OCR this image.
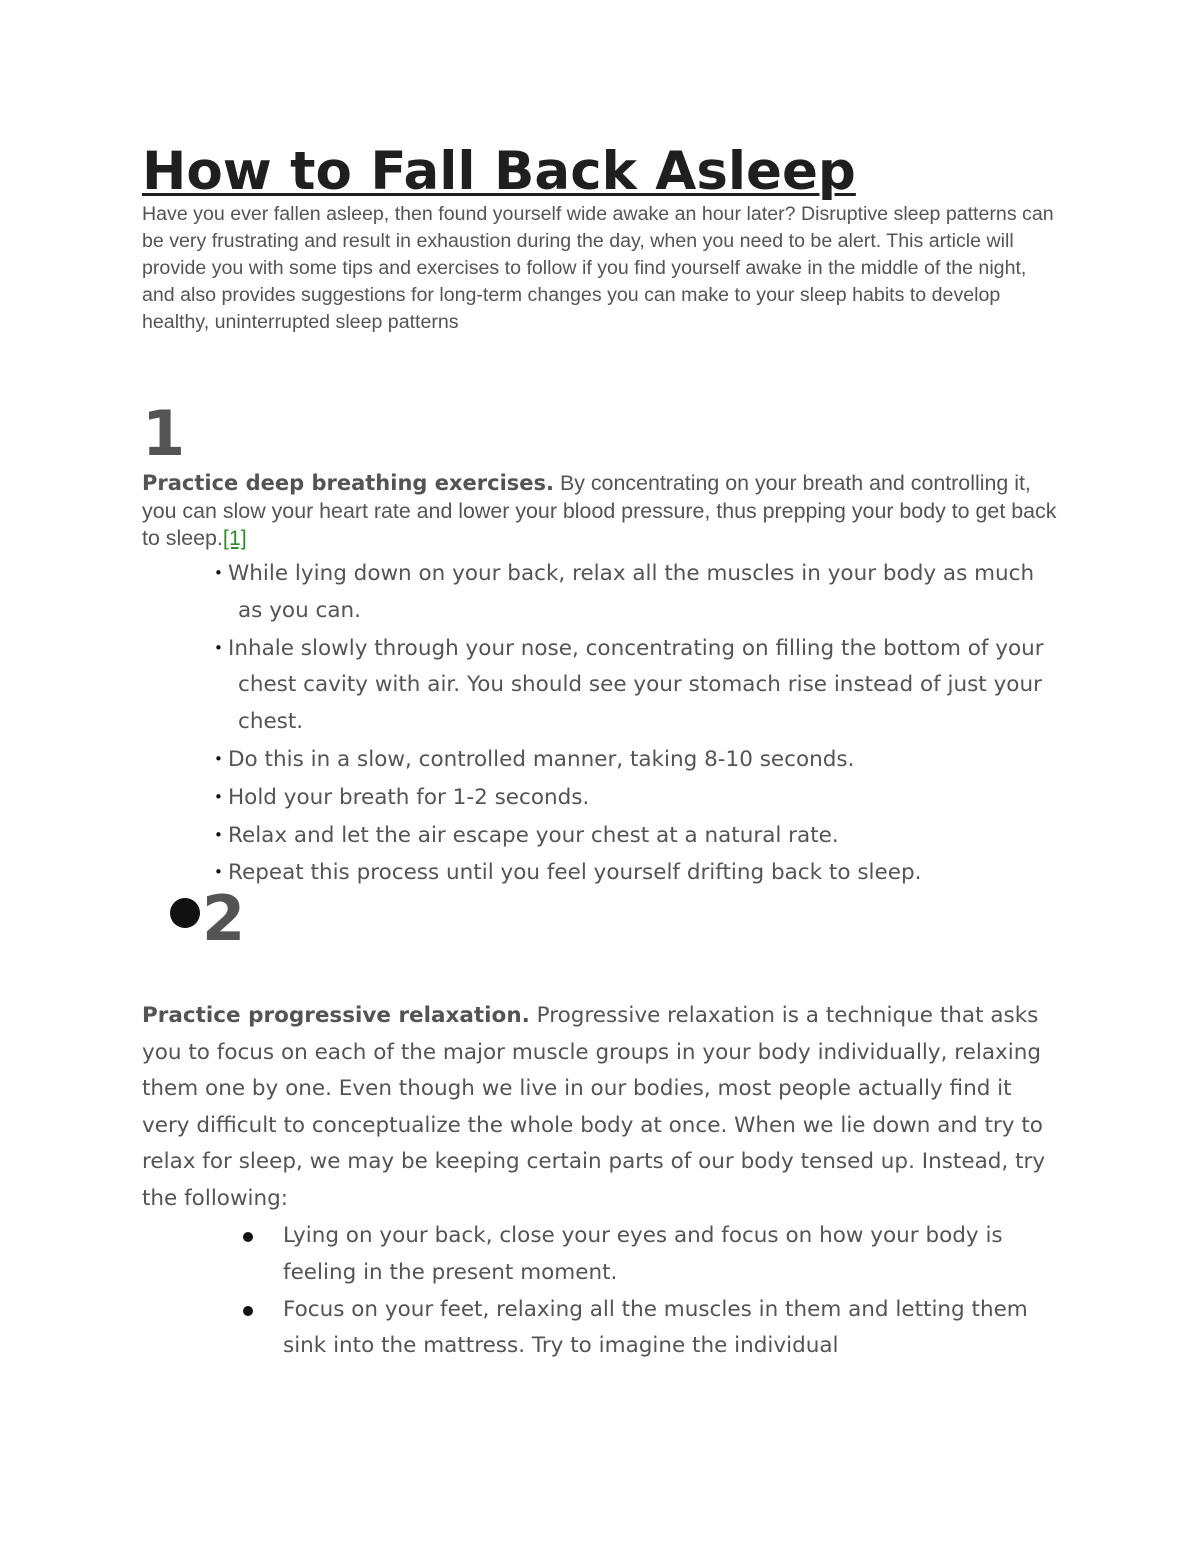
How to Fall Back Asleep

Have you ever fallen asleep, then found yourself wide awake an hour later? Disruptive sleep patterns can be very frustrating and result in exhaustion during the day, when you need to be alert. This article will provide you with some tips and exercises to follow if you find yourself awake in the middle of the night, and also provides suggestions for long-term changes you can make to your sleep habits to develop healthy, uninterrupted sleep patterns

1

Practice deep breathing exercises. By concentrating on your breath and controlling it, you can slow your heart rate and lower your blood pressure, thus prepping your body to get back to sleep.[1]

• While lying down on your back, relax all the muscles in your body as much as you can.
• Inhale slowly through your nose, concentrating on filling the bottom of your chest cavity with air. You should see your stomach rise instead of just your chest.
• Do this in a slow, controlled manner, taking 8-10 seconds.
• Hold your breath for 1-2 seconds.
• Relax and let the air escape your chest at a natural rate.
• Repeat this process until you feel yourself drifting back to sleep.
2

Practice progressive relaxation. Progressive relaxation is a technique that asks you to focus on each of the major muscle groups in your body individually, relaxing them one by one. Even though we live in our bodies, most people actually find it very difficult to conceptualize the whole body at once. When we lie down and try to relax for sleep, we may be keeping certain parts of our body tensed up. Instead, try the following:

Lying on your back, close your eyes and focus on how your body is feeling in the present moment.
Focus on your feet, relaxing all the muscles in them and letting them sink into the mattress. Try to imagine the individual
